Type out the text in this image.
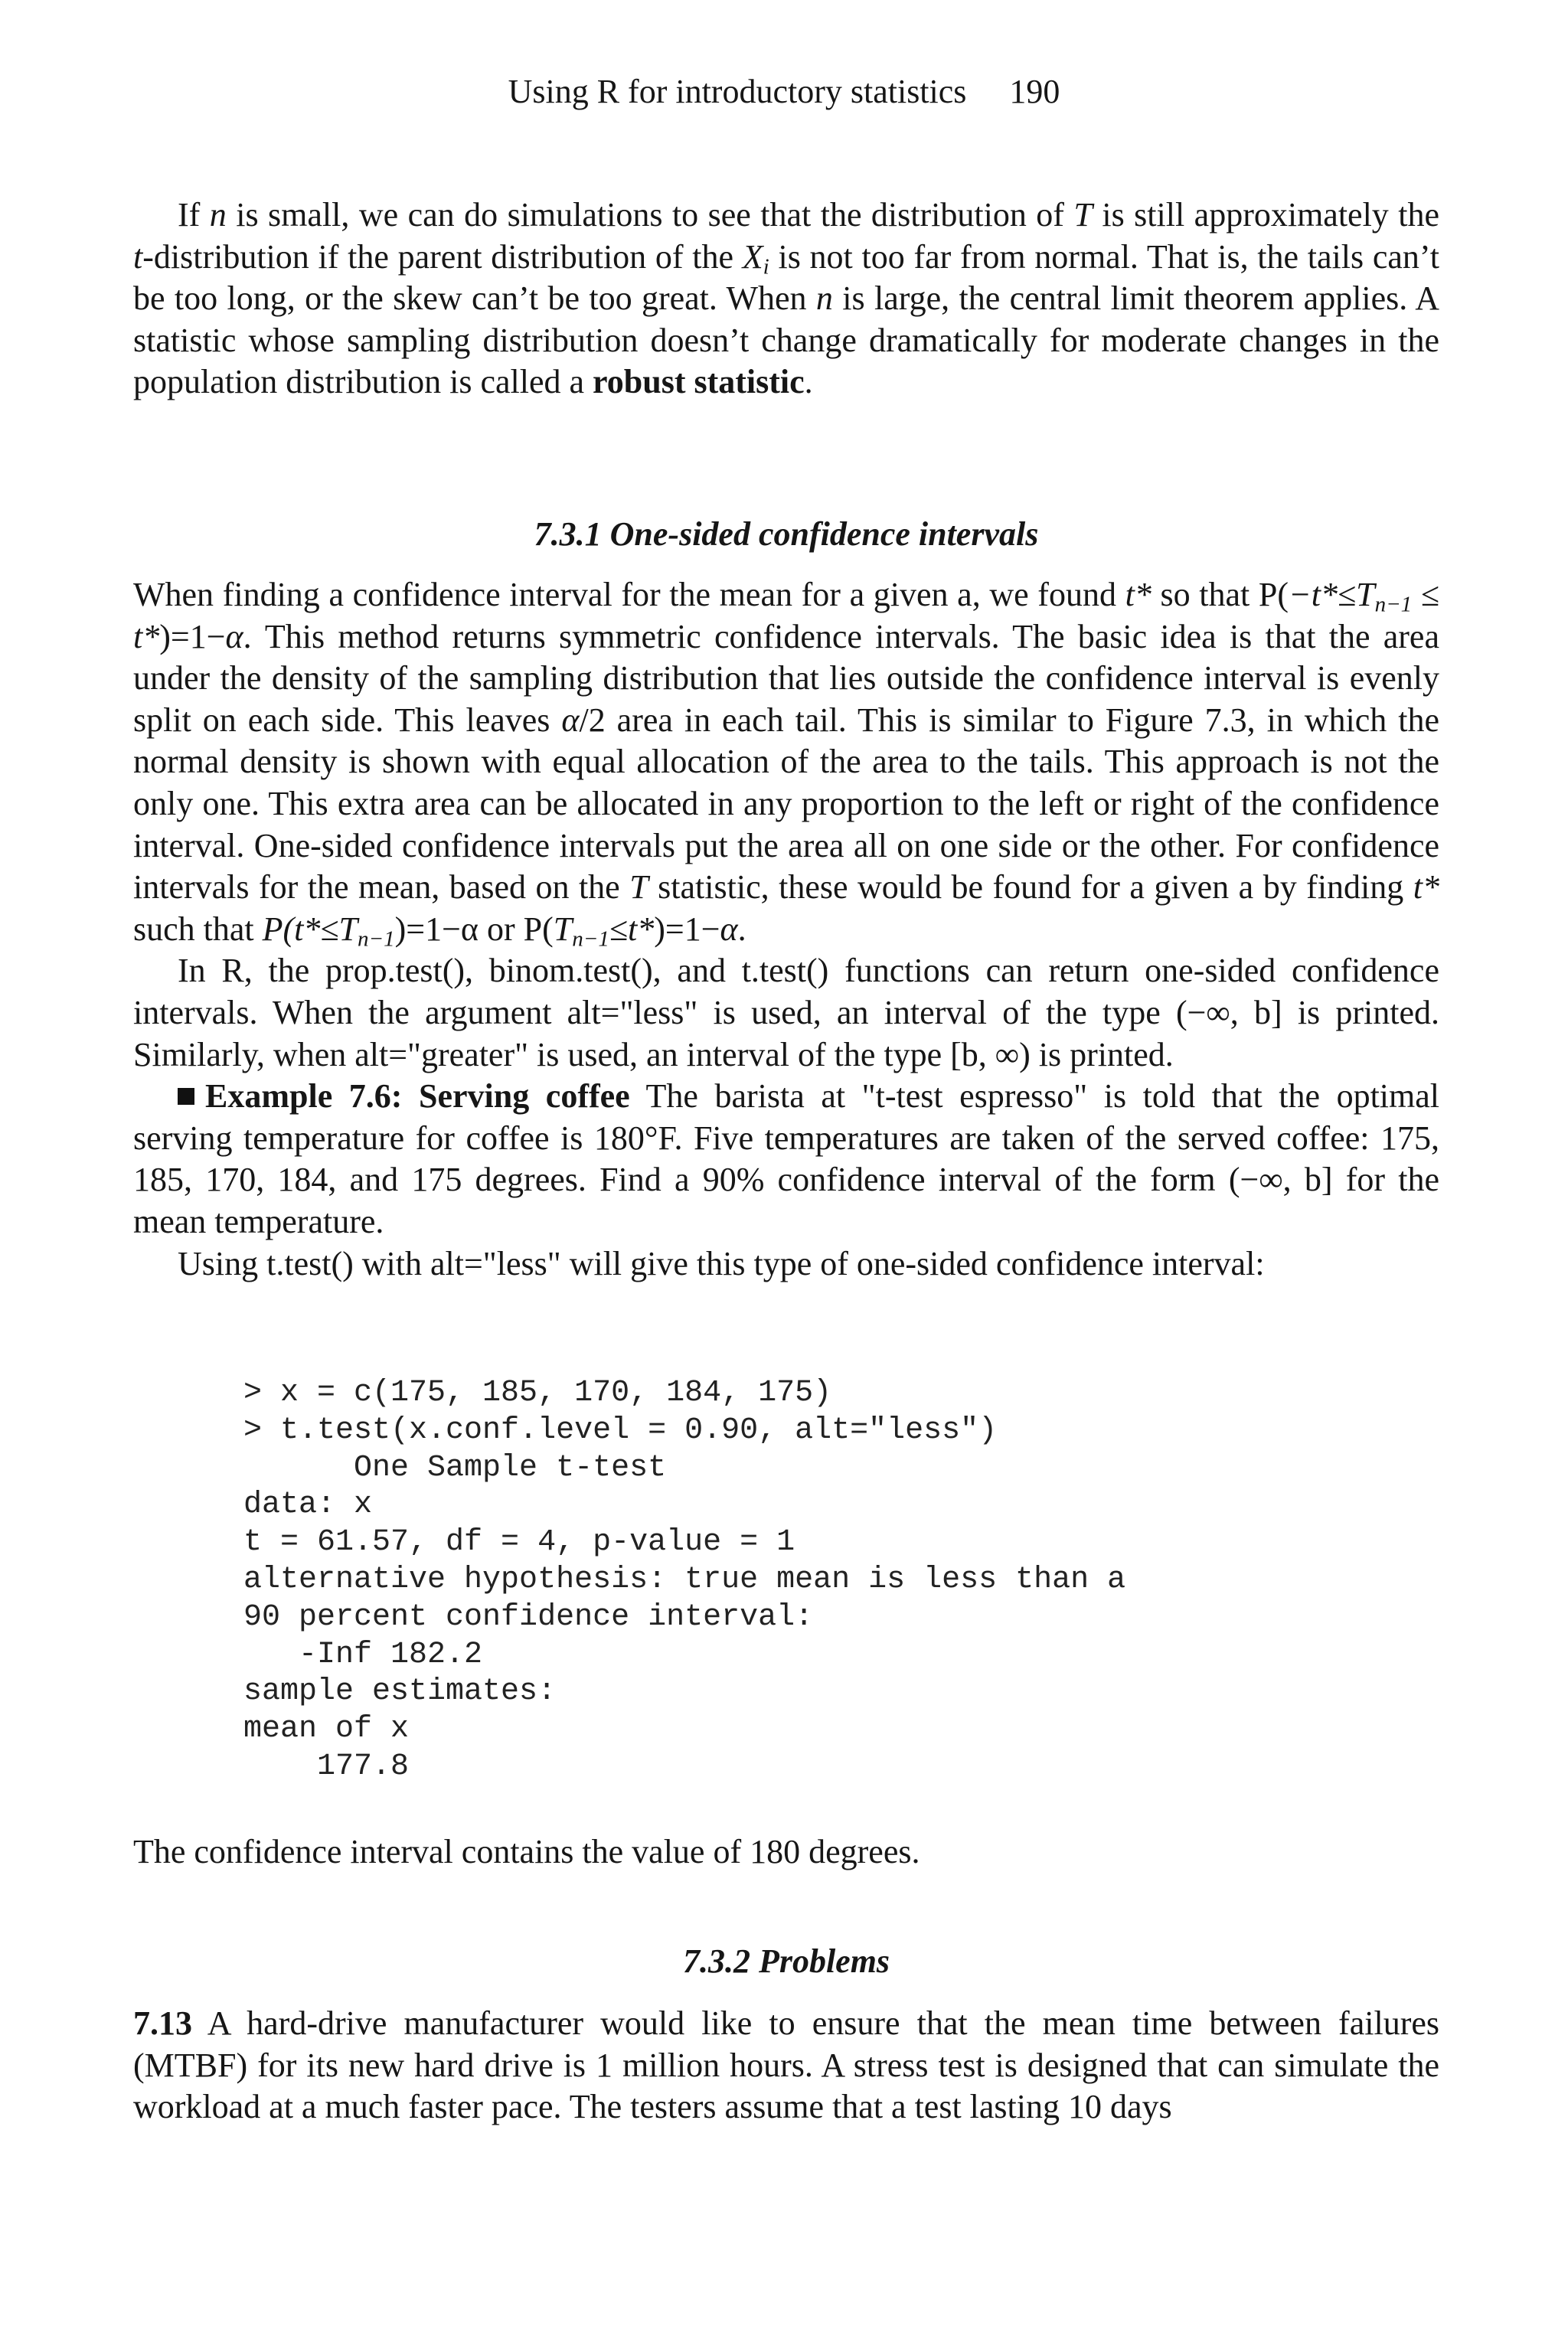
Using R for introductory statistics 190

If n is small, we can do simulations to see that the distribution of T is still approximately the t-distribution if the parent distribution of the $X_i$ is not too far from normal. That is, the tails can’t be too long, or the skew can’t be too great. When n is large, the central limit theorem applies. A statistic whose sampling distribution doesn’t change dramatically for moderate changes in the population distribution is called a robust statistic.

7.3.1 One-sided confidence intervals

When finding a confidence interval for the mean for a given a, we found t* so that $P(-t*\le T_{n-1} \le t*)=1-\alpha$. This method returns symmetric confidence intervals. The basic idea is that the area under the density of the sampling distribution that lies outside the confidence interval is evenly split on each side. This leaves α/2 area in each tail. This is similar to Figure 7.3, in which the normal density is shown with equal allocation of the area to the tails. This approach is not the only one. This extra area can be allocated in any proportion to the left or right of the confidence interval. One-sided confidence intervals put the area all on one side or the other. For confidence intervals for the mean, based on the T statistic, these would be found for a given a by finding t* such that $P(t*\le T_{n-1})=1-\alpha$ or $P(T_{n-1}\le t*)=1-\alpha$.

In R, the prop.test(), binom.test(), and t.test() functions can return one-sided confidence intervals. When the argument alt="less" is used, an interval of the type (−∞, b] is printed. Similarly, when alt="greater" is used, an interval of the type [b, ∞) is printed.

Example 7.6: Serving coffee The barista at "t-test espresso" is told that the optimal serving temperature for coffee is 180°F. Five temperatures are taken of the served coffee: 175, 185, 170, 184, and 175 degrees. Find a 90% confidence interval of the form (−∞, b] for the mean temperature.

Using t.test() with alt="less" will give this type of one-sided confidence interval:

> x = c(175, 185, 170, 184, 175)
> t.test(x.conf.level = 0.90, alt="less")
One Sample t-test
data: x
t = 61.57, df = 4, p-value = 1
alternative hypothesis: true mean is less than a
90 percent confidence interval:
-Inf 182.2
sample estimates:
mean of x
177.8

The confidence interval contains the value of 180 degrees.

7.3.2 Problems

7.13 A hard-drive manufacturer would like to ensure that the mean time between failures (MTBF) for its new hard drive is 1 million hours. A stress test is designed that can simulate the workload at a much faster pace. The testers assume that a test lasting 10 days
